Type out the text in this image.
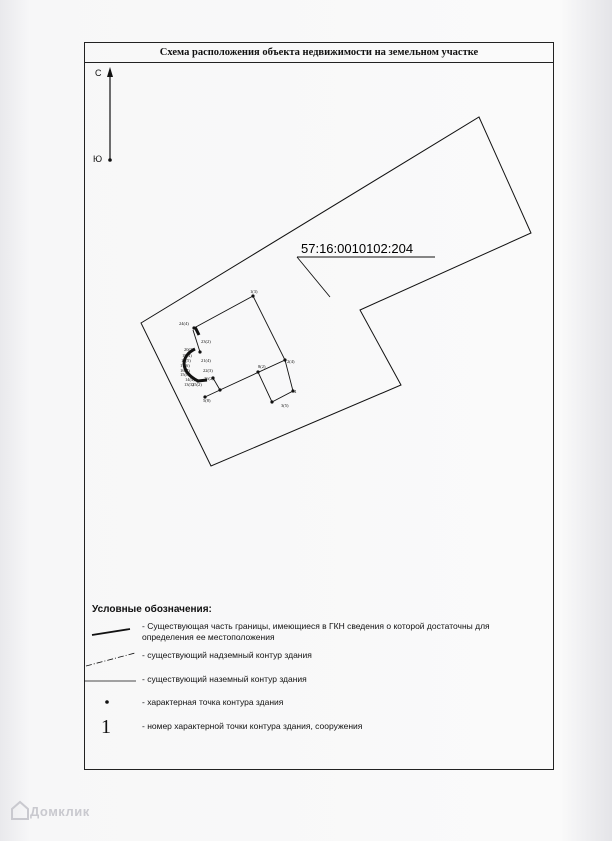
Схема расположения объекта недвижимости на земельном участке
С
Ю
57:16:0010102:204
1(3)
2(4)
3(5)
4
5(8)
8(2)
13(3)
14(4)
15(8)
16(7)
17(6)
18(5)
19(4)
20(3)
21(4)
22(3)
23(2)
24(4)
25(2)
26(2)
Условные обозначения:
- Существующая часть границы, имеющиеся в ГКН сведения о которой достаточны для определения ее местоположения
- существующий надземный контур здания
- существующий наземный контур здания
- характерная точка контура здания
- номер характерной точки контура здания, сооружения
1
Домклик
